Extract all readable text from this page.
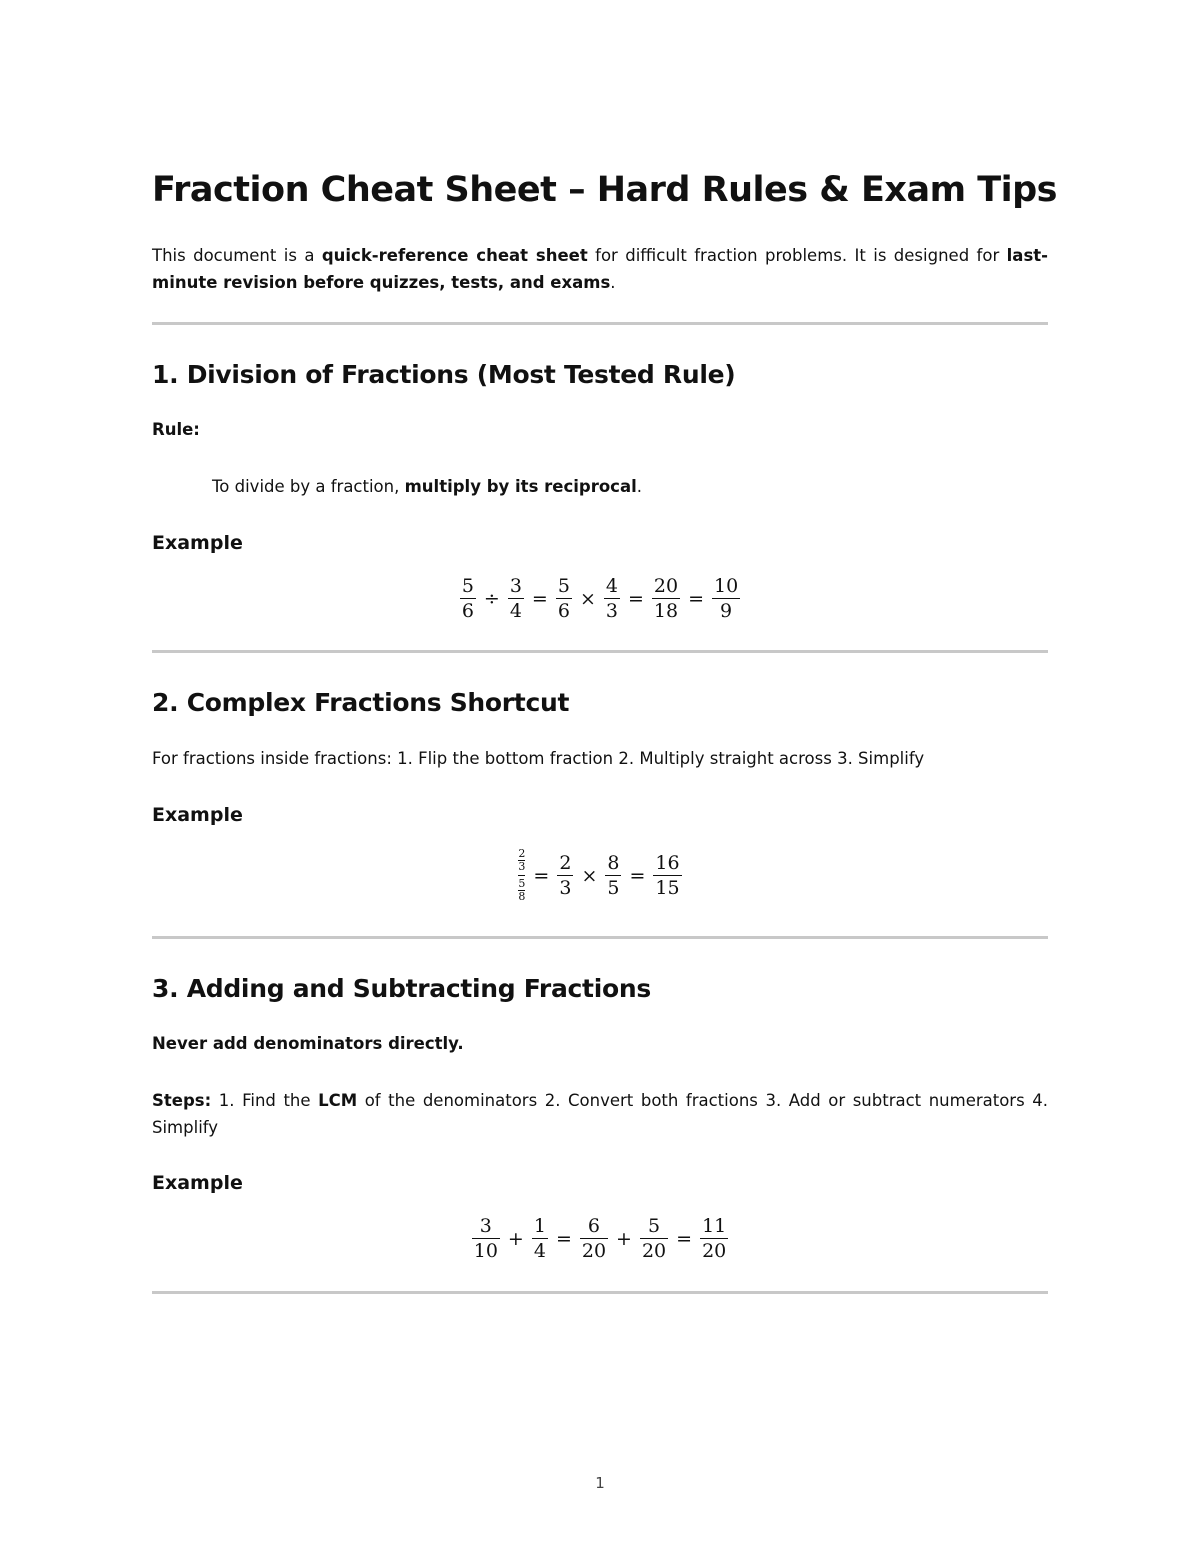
Fraction Cheat Sheet – Hard Rules & Exam Tips

This document is a quick-reference cheat sheet for difficult fraction problems. It is designed for last-minute revision before quizzes, tests, and exams.

1. Division of Fractions (Most Tested Rule)

Rule:

To divide by a fraction, multiply by its reciprocal.

Example
$\frac{5}{6} \div \frac{3}{4} = \frac{5}{6} \times \frac{4}{3} = \frac{20}{18} = \frac{10}{9}$
2. Complex Fractions Shortcut

For fractions inside fractions: 1. Flip the bottom fraction 2. Multiply straight across 3. Simplify

Example
2
3
5
8
= $\frac{2}{3} \times \frac{8}{5} = \frac{16}{15}$
3. Adding and Subtracting Fractions

Never add denominators directly.

Steps: 1. Find the LCM of the denominators 2. Convert both fractions 3. Add or subtract numerators 4. Simplify

Example
$\frac{3}{10} + \frac{1}{4} = \frac{6}{20} + \frac{5}{20} = \frac{11}{20}$
1
